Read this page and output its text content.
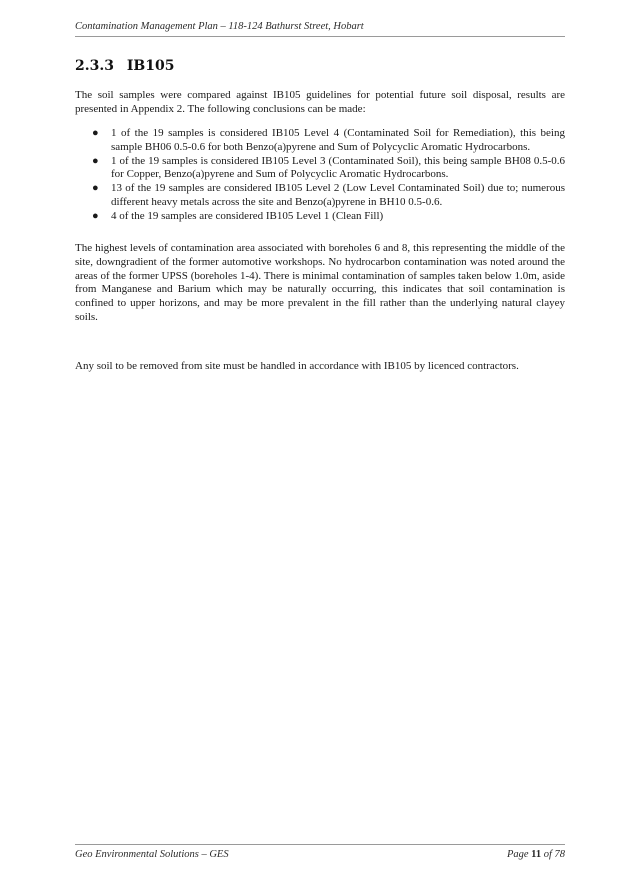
Contamination Management Plan – 118-124 Bathurst Street, Hobart
2.3.3 IB105

The soil samples were compared against IB105 guidelines for potential future soil disposal, results are presented in Appendix 2. The following conclusions can be made:

● 1 of the 19 samples is considered IB105 Level 4 (Contaminated Soil for Remediation), this being sample BH06 0.5-0.6 for both Benzo(a)pyrene and Sum of Polycyclic Aromatic Hydrocarbons.
● 1 of the 19 samples is considered IB105 Level 3 (Contaminated Soil), this being sample BH08 0.5-0.6 for Copper, Benzo(a)pyrene and Sum of Polycyclic Aromatic Hydrocarbons.
● 13 of the 19 samples are considered IB105 Level 2 (Low Level Contaminated Soil) due to; numerous different heavy metals across the site and Benzo(a)pyrene in BH10 0.5-0.6.
● 4 of the 19 samples are considered IB105 Level 1 (Clean Fill)

The highest levels of contamination area associated with boreholes 6 and 8, this representing the middle of the site, downgradient of the former automotive workshops. No hydrocarbon contamination was noted around the areas of the former UPSS (boreholes 1-4). There is minimal contamination of samples taken below 1.0m, aside from Manganese and Barium which may be naturally occurring, this indicates that soil contamination is confined to upper horizons, and may be more prevalent in the fill rather than the underlying natural clayey soils.

Any soil to be removed from site must be handled in accordance with IB105 by licenced contractors.

Geo Environmental Solutions – GES	Page 11 of 78
